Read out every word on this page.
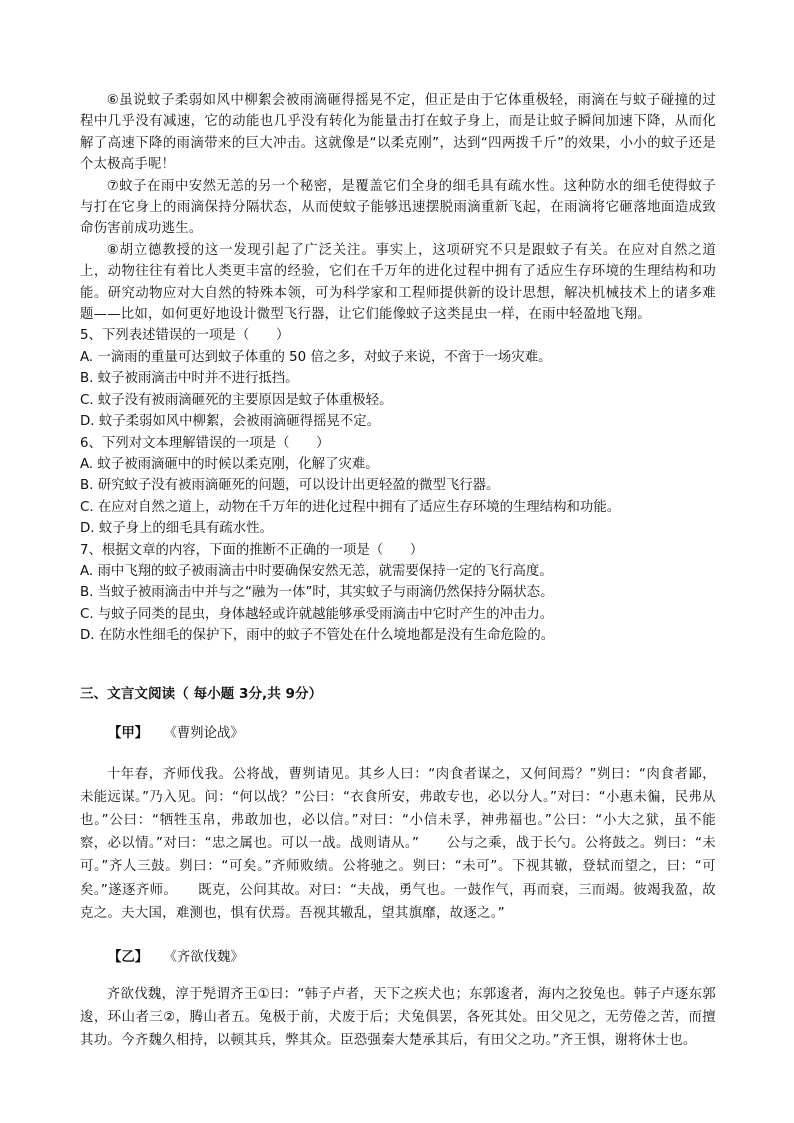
⑥虽说蚊子柔弱如风中柳絮会被雨滴砸得摇晃不定，但正是由于它体重极轻，雨滴在与蚊子碰撞的过程中几乎没有减速，它的动能也几乎没有转化为能量击打在蚊子身上，而是让蚊子瞬间加速下降，从而化解了高速下降的雨滴带来的巨大冲击。这就像是“以柔克刚”，达到“四两拨千斤”的效果，小小的蚊子还是个太极高手呢！

⑦蚊子在雨中安然无恙的另一个秘密，是覆盖它们全身的细毛具有疏水性。这种防水的细毛使得蚊子与打在它身上的雨滴保持分隔状态，从而使蚊子能够迅速摆脱雨滴重新飞起，在雨滴将它砸落地面造成致命伤害前成功逃生。

⑧胡立德教授的这一发现引起了广泛关注。事实上，这项研究不只是跟蚊子有关。在应对自然之道上，动物往往有着比人类更丰富的经验，它们在千万年的进化过程中拥有了适应生存环境的生理结构和功能。研究动物应对大自然的特殊本领，可为科学家和工程师提供新的设计思想，解决机械技术上的诸多难题——比如，如何更好地设计微型飞行器，让它们能像蚊子这类昆虫一样，在雨中轻盈地飞翔。

5、下列表述错误的一项是（　　）

A. 一滴雨的重量可达到蚊子体重的 50 倍之多，对蚊子来说，不啻于一场灾难。

B. 蚊子被雨滴击中时并不进行抵挡。

C. 蚊子没有被雨滴砸死的主要原因是蚊子体重极轻。

D. 蚊子柔弱如风中柳絮，会被雨滴砸得摇晃不定。

6、下列对文本理解错误的一项是（　　）

A. 蚊子被雨滴砸中的时候以柔克刚，化解了灾难。

B. 研究蚊子没有被雨滴砸死的问题，可以设计出更轻盈的微型飞行器。

C. 在应对自然之道上，动物在千万年的进化过程中拥有了适应生存环境的生理结构和功能。

D. 蚊子身上的细毛具有疏水性。

7、根据文章的内容，下面的推断不正确的一项是（　　）

A. 雨中飞翔的蚊子被雨滴击中时要确保安然无恙，就需要保持一定的飞行高度。

B. 当蚊子被雨滴击中并与之“融为一体”时，其实蚊子与雨滴仍然保持分隔状态。

C. 与蚊子同类的昆虫，身体越轻或许就越能够承受雨滴击中它时产生的冲击力。

D. 在防水性细毛的保护下，雨中的蚊子不管处在什么境地都是没有生命危险的。

三、文言文阅读（ 每小题 3分,共 9分）

【甲】 《曹刿论战》

十年春，齐师伐我。公将战，曹刿请见。其乡人曰：“肉食者谋之，又何间焉？”刿曰：“肉食者鄙，未能远谋。”乃入见。问：“何以战？”公曰：“衣食所安，弗敢专也，必以分人。”对曰：“小惠未徧，民弗从也。”公曰：“牺牲玉帛，弗敢加也，必以信。”对曰：“小信未孚，神弗福也。”公曰：“小大之狱，虽不能察，必以情。”对曰：“忠之属也。可以一战。战则请从。”　　公与之乘，战于长勺。公将鼓之。刿曰：“未可。”齐人三鼓。刿曰：“可矣。”齐师败绩。公将驰之。刿曰：“未可”。下视其辙，登轼而望之，曰：“可矣。”遂逐齐师。　　既克，公问其故。对曰：“夫战，勇气也。一鼓作气，再而衰，三而竭。彼竭我盈，故克之。夫大国，难测也，惧有伏焉。吾视其辙乱，望其旗靡，故逐之。”

【乙】 《齐欲伐魏》

齐欲伐魏，淳于髡谓齐王①曰：“韩子卢者，天下之疾犬也；东郭逡者，海内之狡兔也。韩子卢逐东郭逡，环山者三②，腾山者五。兔极于前，犬废于后；犬兔俱罢，各死其处。田父见之，无劳倦之苦，而擅其功。今齐魏久相持，以顿其兵，弊其众。臣恐强秦大楚承其后，有田父之功。”齐王惧，谢将休士也。
